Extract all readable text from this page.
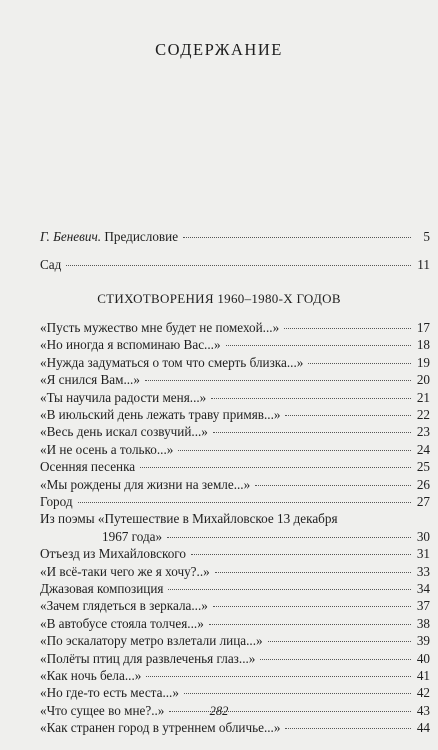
СОДЕРЖАНИЕ
Г. Беневич. Предисловие	5
Сад	11
СТИХОТВОРЕНИЯ 1960–1980-Х ГОДОВ
«Пусть мужество мне будет не помехой...»	17
«Но иногда я вспоминаю Вас...»	18
«Нужда задуматься о том что смерть близка...»	19
«Я снился Вам...»	20
«Ты научила радости меня...»	21
«В июльский день лежать траву примяв...»	22
«Весь день искал созвучий...»	23
«И не осень а только...»	24
Осенняя песенка	25
«Мы рождены для жизни на земле...»	26
Город	27
Из поэмы «Путешествие в Михайловское 13 декабря
1967 года»	30
Отъезд из Михайловского	31
«И всё-таки чего же я хочу?..»	33
Джазовая композиция	34
«Зачем глядеться в зеркала...»	37
«В автобусе стояла толчея...»	38
«По эскалатору метро взлетали лица...»	39
«Полёты птиц для развлеченья глаз...»	40
«Как ночь бела...»	41
«Но где-то есть места...»	42
«Что сущее во мне?..»	43
«Как странен город в утреннем обличье...»	44
282
